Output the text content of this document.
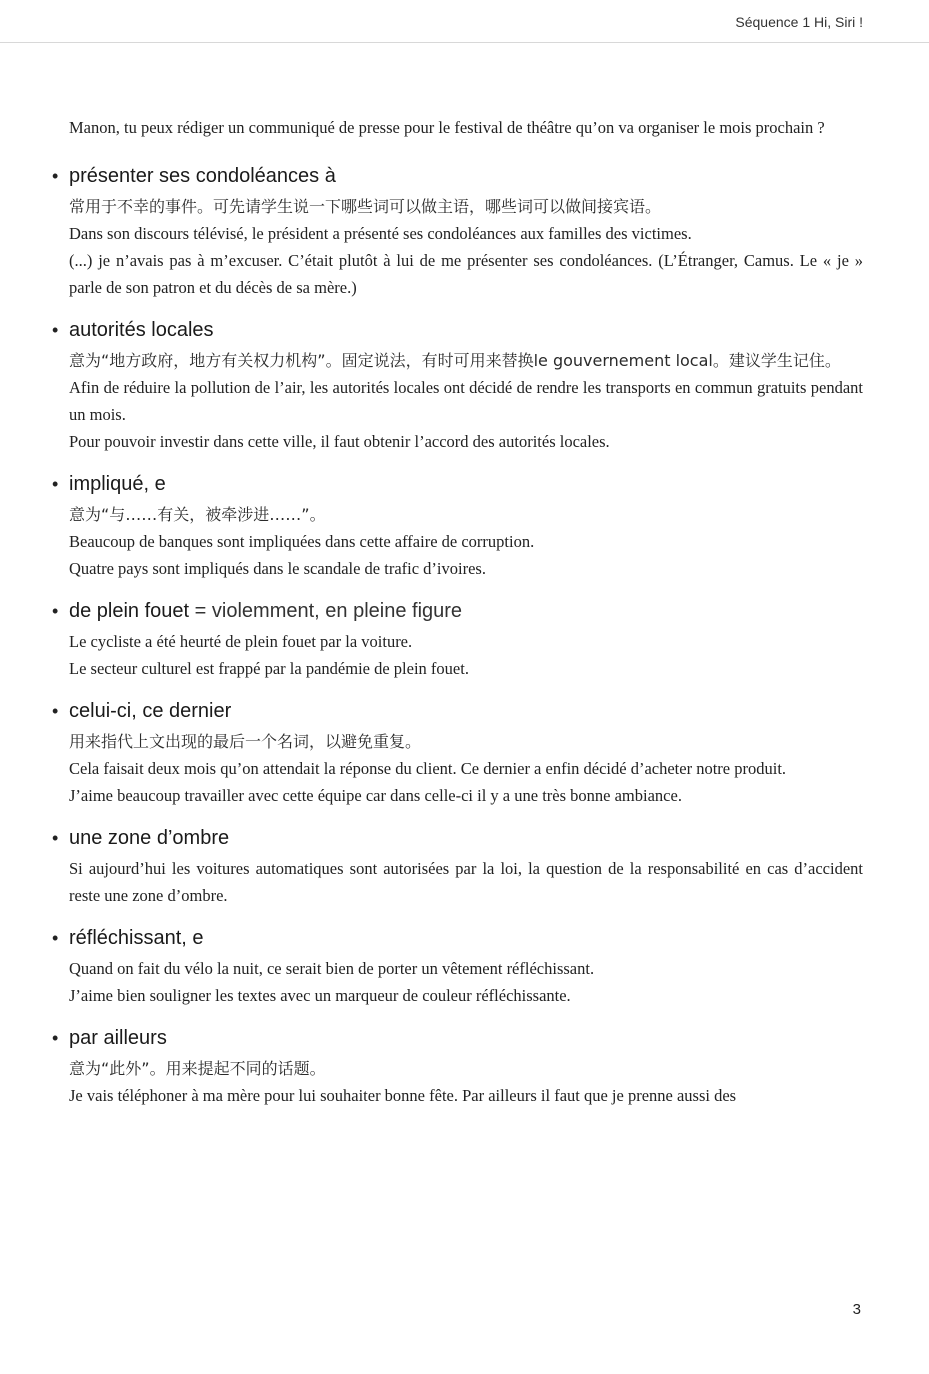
Séquence 1 Hi, Siri !

Manon, tu peux rédiger un communiqué de presse pour le festival de théâtre qu’on va organiser le mois prochain ?

• présenter ses condoléances à

常用于不幸的事件。可先请学生说一下哪些词可以做主语，哪些词可以做间接宾语。

Dans son discours télévisé, le président a présenté ses condoléances aux familles des victimes.

(...) je n’avais pas à m’excuser. C’était plutôt à lui de me présenter ses condoléances. (L’Étranger, Camus. Le « je » parle de son patron et du décès de sa mère.)

• autorités locales

意为“地方政府，地方有关权力机构”。固定说法，有时可用来替换le gouvernement local。建议学生记住。

Afin de réduire la pollution de l’air, les autorités locales ont décidé de rendre les transports en commun gratuits pendant un mois.

Pour pouvoir investir dans cette ville, il faut obtenir l’accord des autorités locales.

• impliqué, e

意为“与……有关，被牵涉进……”。

Beaucoup de banques sont impliquées dans cette affaire de corruption.

Quatre pays sont impliqués dans le scandale de trafic d’ivoires.

• de plein fouet = violemment, en pleine figure

Le cycliste a été heurté de plein fouet par la voiture.

Le secteur culturel est frappé par la pandémie de plein fouet.

• celui-ci, ce dernier

用来指代上文出现的最后一个名词，以避免重复。

Cela faisait deux mois qu’on attendait la réponse du client. Ce dernier a enfin décidé d’acheter notre produit.

J’aime beaucoup travailler avec cette équipe car dans celle-ci il y a une très bonne ambiance.

• une zone d’ombre

Si aujourd’hui les voitures automatiques sont autorisées par la loi, la question de la responsabilité en cas d’accident reste une zone d’ombre.

• réfléchissant, e

Quand on fait du vélo la nuit, ce serait bien de porter un vêtement réfléchissant.

J’aime bien souligner les textes avec un marqueur de couleur réfléchissante.

• par ailleurs

意为“此外”。用来提起不同的话题。

Je vais téléphoner à ma mère pour lui souhaiter bonne fête. Par ailleurs il faut que je prenne aussi des

3
